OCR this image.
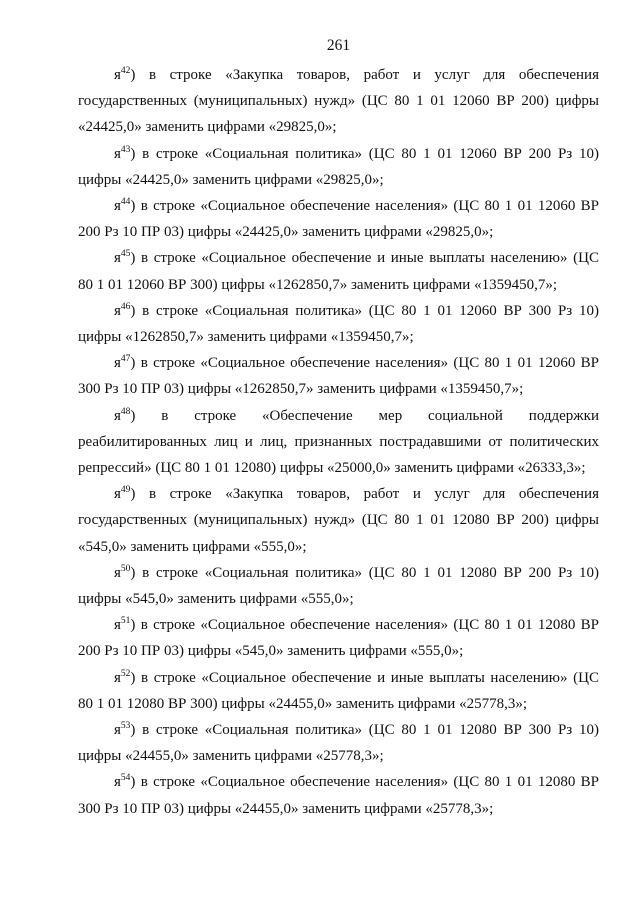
261

$я^{42}$) в строке «Закупка товаров, работ и услуг для обеспечения государственных (муниципальных) нужд» (ЦС 80 1 01 12060 ВР 200) цифры «24425,0» заменить цифрами «29825,0»;

$я^{43}$) в строке «Социальная политика» (ЦС 80 1 01 12060 ВР 200 Рз 10) цифры «24425,0» заменить цифрами «29825,0»;

$я^{44}$) в строке «Социальное обеспечение населения» (ЦС 80 1 01 12060 ВР 200 Рз 10 ПР 03) цифры «24425,0» заменить цифрами «29825,0»;

$я^{45}$) в строке «Социальное обеспечение и иные выплаты населению» (ЦС 80 1 01 12060 ВР 300) цифры «1262850,7» заменить цифрами «1359450,7»;

$я^{46}$) в строке «Социальная политика» (ЦС 80 1 01 12060 ВР 300 Рз 10) цифры «1262850,7» заменить цифрами «1359450,7»;

$я^{47}$) в строке «Социальное обеспечение населения» (ЦС 80 1 01 12060 ВР 300 Рз 10 ПР 03) цифры «1262850,7» заменить цифрами «1359450,7»;

$я^{48}$) в строке «Обеспечение мер социальной поддержки реабилитированных лиц и лиц, признанных пострадавшими от политических репрессий» (ЦС 80 1 01 12080) цифры «25000,0» заменить цифрами «26333,3»;

$я^{49}$) в строке «Закупка товаров, работ и услуг для обеспечения государственных (муниципальных) нужд» (ЦС 80 1 01 12080 ВР 200) цифры «545,0» заменить цифрами «555,0»;

$я^{50}$) в строке «Социальная политика» (ЦС 80 1 01 12080 ВР 200 Рз 10) цифры «545,0» заменить цифрами «555,0»;

$я^{51}$) в строке «Социальное обеспечение населения» (ЦС 80 1 01 12080 ВР 200 Рз 10 ПР 03) цифры «545,0» заменить цифрами «555,0»;

$я^{52}$) в строке «Социальное обеспечение и иные выплаты населению» (ЦС 80 1 01 12080 ВР 300) цифры «24455,0» заменить цифрами «25778,3»;

$я^{53}$) в строке «Социальная политика» (ЦС 80 1 01 12080 ВР 300 Рз 10) цифры «24455,0» заменить цифрами «25778,3»;

$я^{54}$) в строке «Социальное обеспечение населения» (ЦС 80 1 01 12080 ВР 300 Рз 10 ПР 03) цифры «24455,0» заменить цифрами «25778,3»;
